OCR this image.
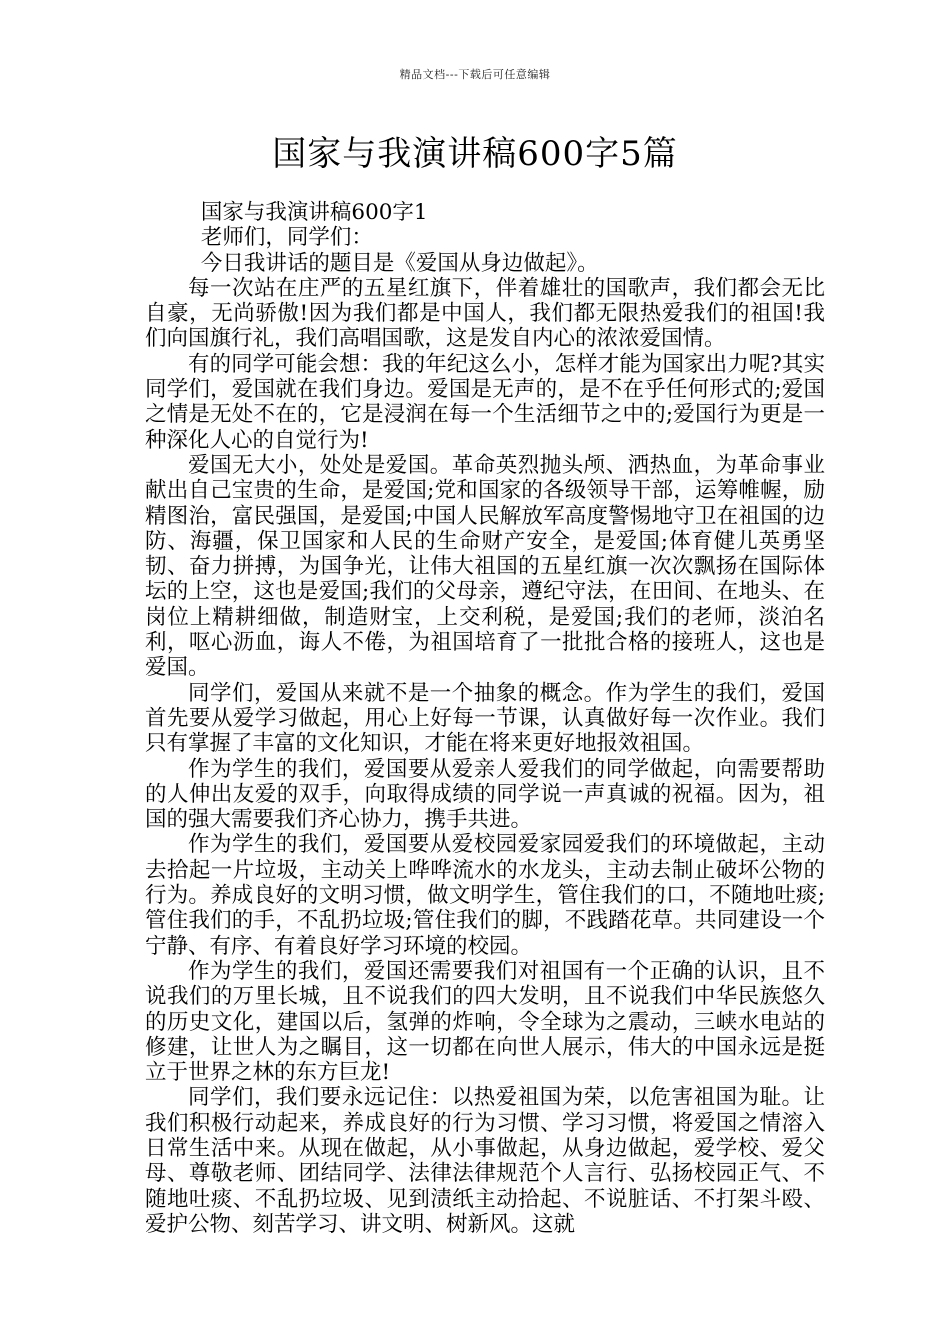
精品文档---下载后可任意编辑
国家与我演讲稿600字5篇

国家与我演讲稿600字1

老师们，同学们：

今日我讲话的题目是《爱国从身边做起》。

每一次站在庄严的五星红旗下，伴着雄壮的国歌声，我们都会无比自豪，无尚骄傲!因为我们都是中国人，我们都无限热爱我们的祖国!我们向国旗行礼，我们高唱国歌，这是发自内心的浓浓爱国情。

有的同学可能会想：我的年纪这么小，怎样才能为国家出力呢?其实同学们，爱国就在我们身边。爱国是无声的，是不在乎任何形式的;爱国之情是无处不在的，它是浸润在每一个生活细节之中的;爱国行为更是一种深化人心的自觉行为!

爱国无大小，处处是爱国。革命英烈抛头颅、洒热血，为革命事业献出自己宝贵的生命，是爱国;党和国家的各级领导干部，运筹帷幄，励精图治，富民强国，是爱国;中国人民解放军高度警惕地守卫在祖国的边防、海疆，保卫国家和人民的生命财产安全，是爱国;体育健儿英勇坚韧、奋力拼搏，为国争光，让伟大祖国的五星红旗一次次飘扬在国际体坛的上空，这也是爱国;我们的父母亲，遵纪守法，在田间、在地头、在岗位上精耕细做，制造财宝，上交利税，是爱国;我们的老师，淡泊名利，呕心沥血，诲人不倦，为祖国培育了一批批合格的接班人，这也是爱国。

同学们，爱国从来就不是一个抽象的概念。作为学生的我们，爱国首先要从爱学习做起，用心上好每一节课，认真做好每一次作业。我们只有掌握了丰富的文化知识，才能在将来更好地报效祖国。

作为学生的我们，爱国要从爱亲人爱我们的同学做起，向需要帮助的人伸出友爱的双手，向取得成绩的同学说一声真诚的祝福。因为，祖国的强大需要我们齐心协力，携手共进。

作为学生的我们，爱国要从爱校园爱家园爱我们的环境做起，主动去拾起一片垃圾，主动关上哗哗流水的水龙头，主动去制止破坏公物的行为。养成良好的文明习惯，做文明学生，管住我们的口，不随地吐痰;管住我们的手，不乱扔垃圾;管住我们的脚，不践踏花草。共同建设一个宁静、有序、有着良好学习环境的校园。

作为学生的我们，爱国还需要我们对祖国有一个正确的认识，且不说我们的万里长城，且不说我们的四大发明，且不说我们中华民族悠久的历史文化，建国以后，氢弹的炸响，令全球为之震动，三峡水电站的修建，让世人为之瞩目，这一切都在向世人展示，伟大的中国永远是挺立于世界之林的东方巨龙!

同学们，我们要永远记住：以热爱祖国为荣，以危害祖国为耻。让我们积极行动起来，养成良好的行为习惯、学习习惯，将爱国之情溶入日常生活中来。从现在做起，从小事做起，从身边做起，爱学校、爱父母、尊敬老师、团结同学、法律法律规范个人言行、弘扬校园正气、不随地吐痰、不乱扔垃圾、见到渍纸主动拾起、不说脏话、不打架斗殴、爱护公物、刻苦学习、讲文明、树新风。这就
